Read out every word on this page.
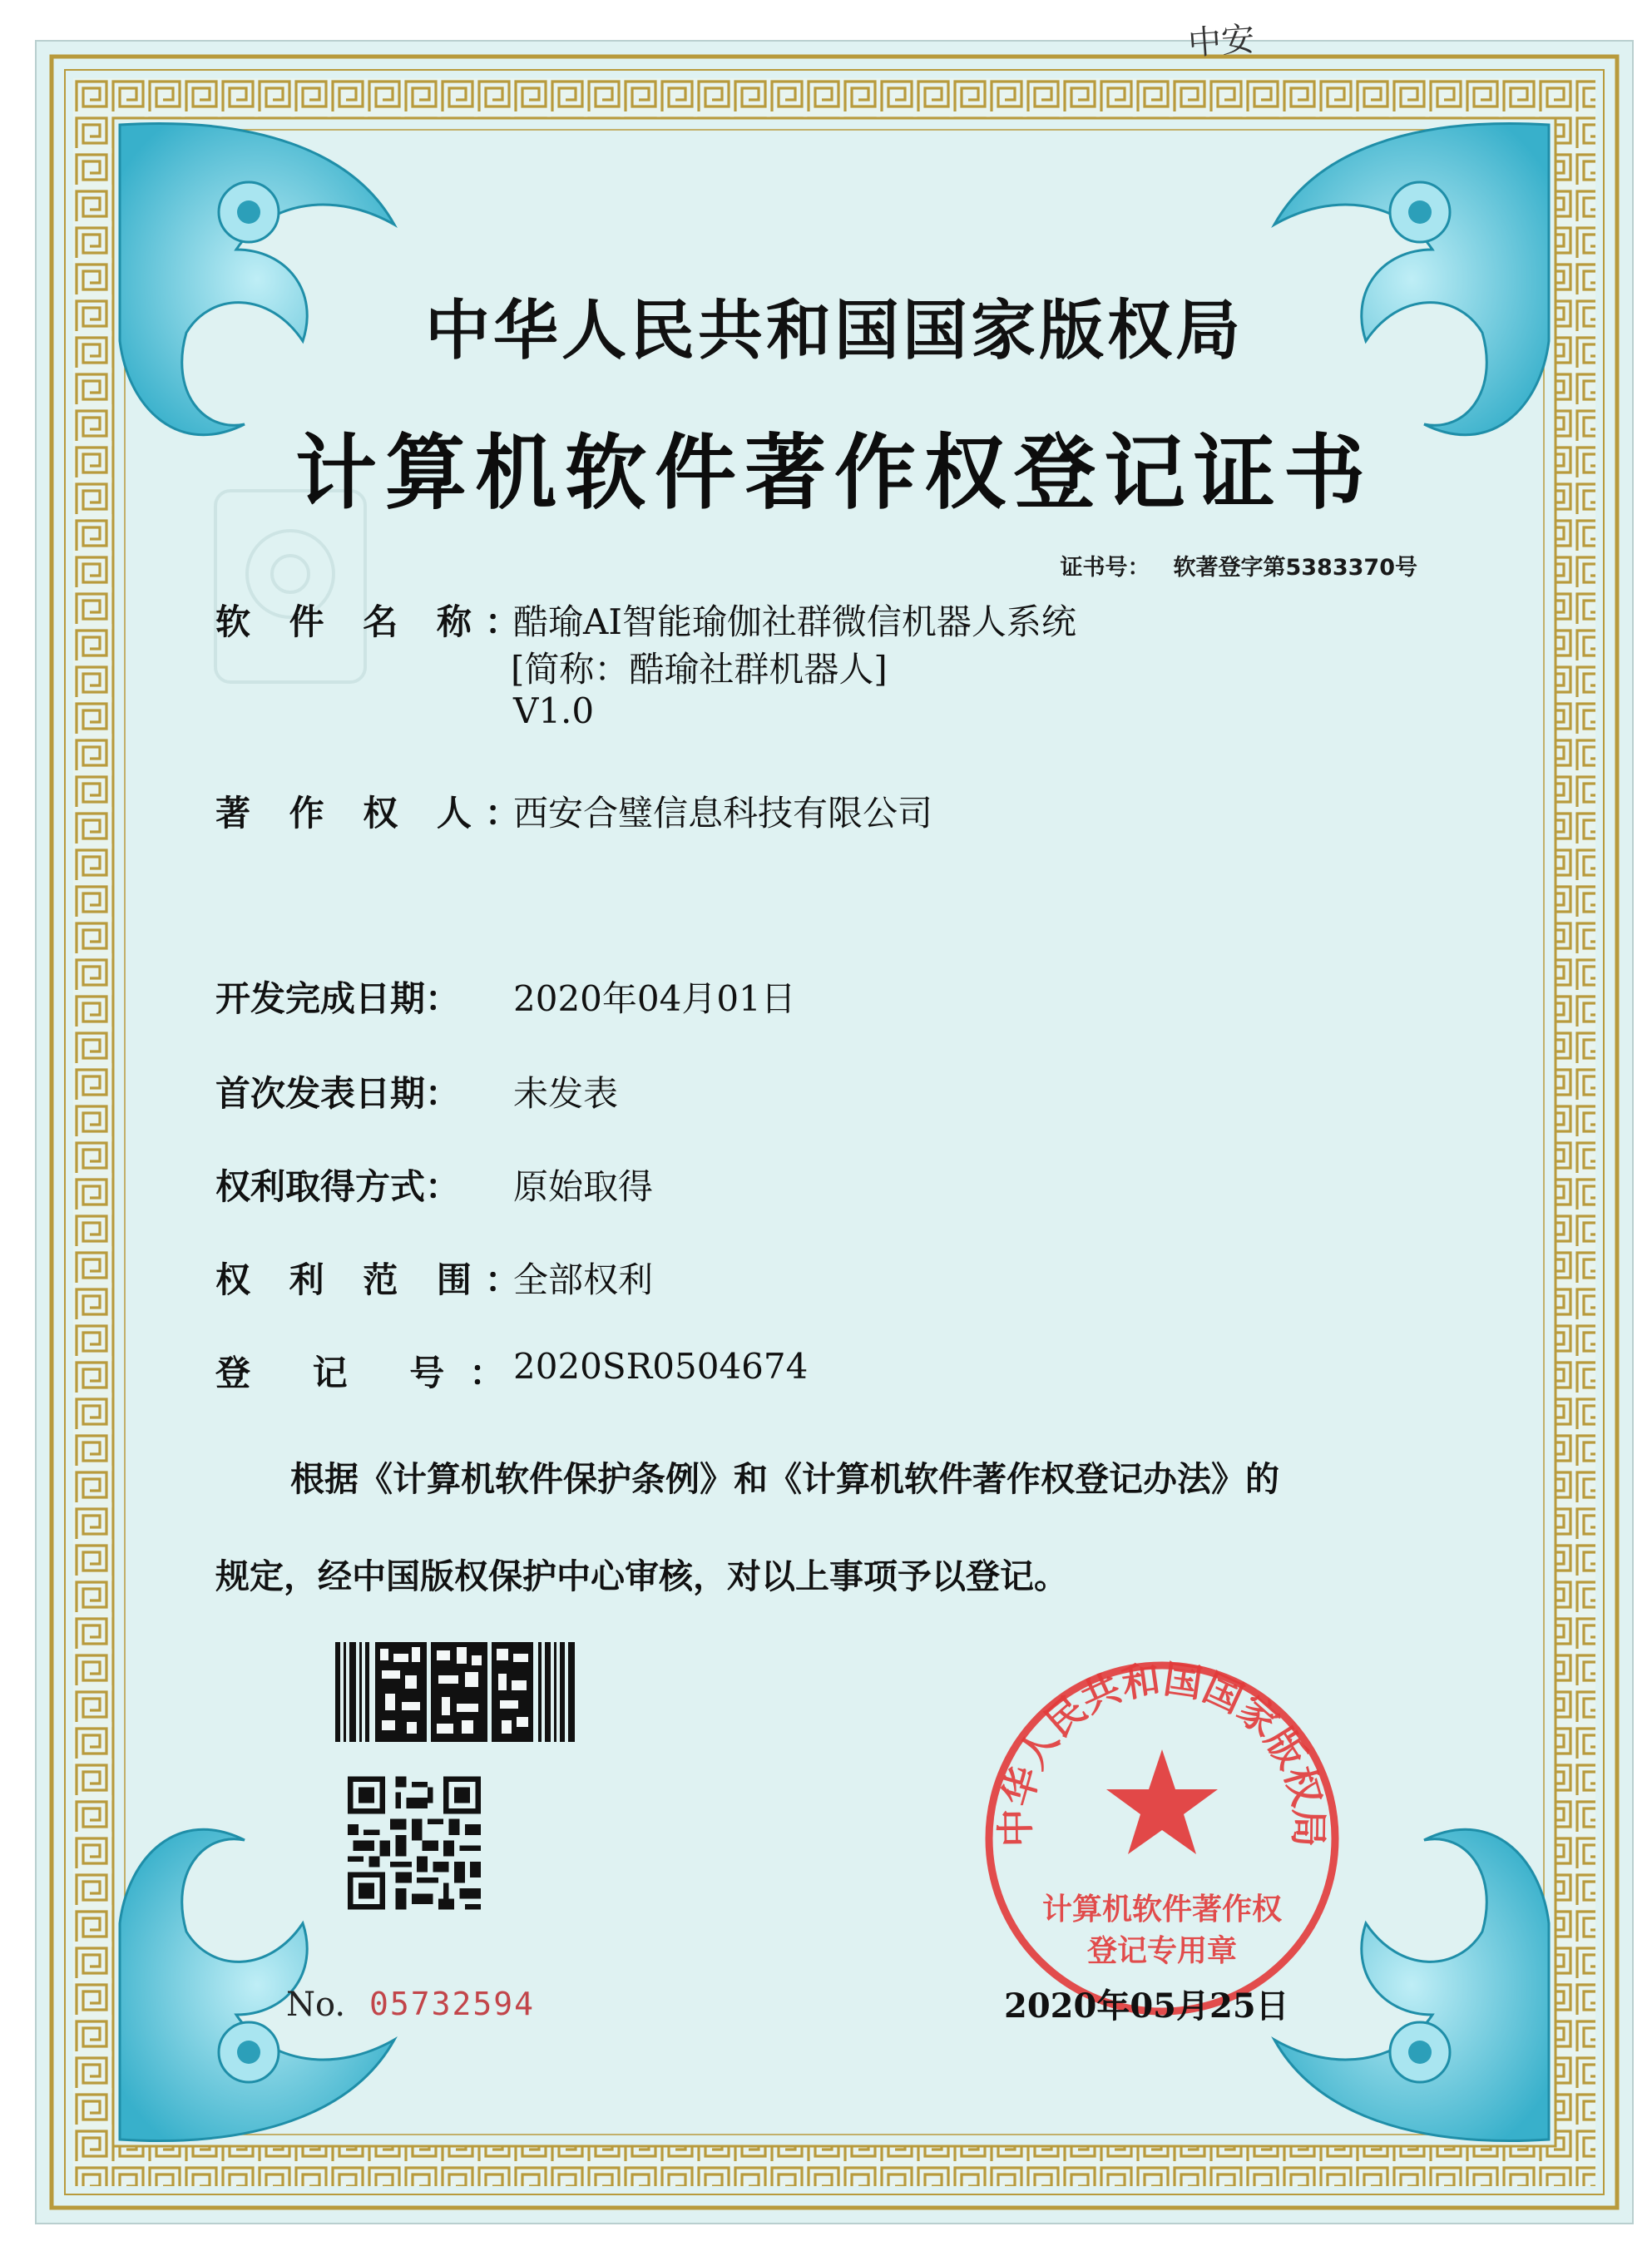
中华人民共和国国家版权局
计算机软件著作权登记证书
证书号： 软著登字第5383370号
软 件 名 称：
酷瑜AI智能瑜伽社群微信机器人系统
[简称：酷瑜社群机器人]
V1.0
著 作 权 人：
西安合璧信息科技有限公司
开发完成日期： 2020年04月01日
首次发表日期： 未发表
权利取得方式： 原始取得
权 利 范 围：
全部权利
登 记 号：
2020SR0504674
根据《计算机软件保护条例》和《计算机软件著作权登记办法》的
规定，经中国版权保护中心审核，对以上事项予以登记。
No. 05732594
中华人民共和国国家版权局
计算机软件著作权
登记专用章
2020年05月25日
中安
